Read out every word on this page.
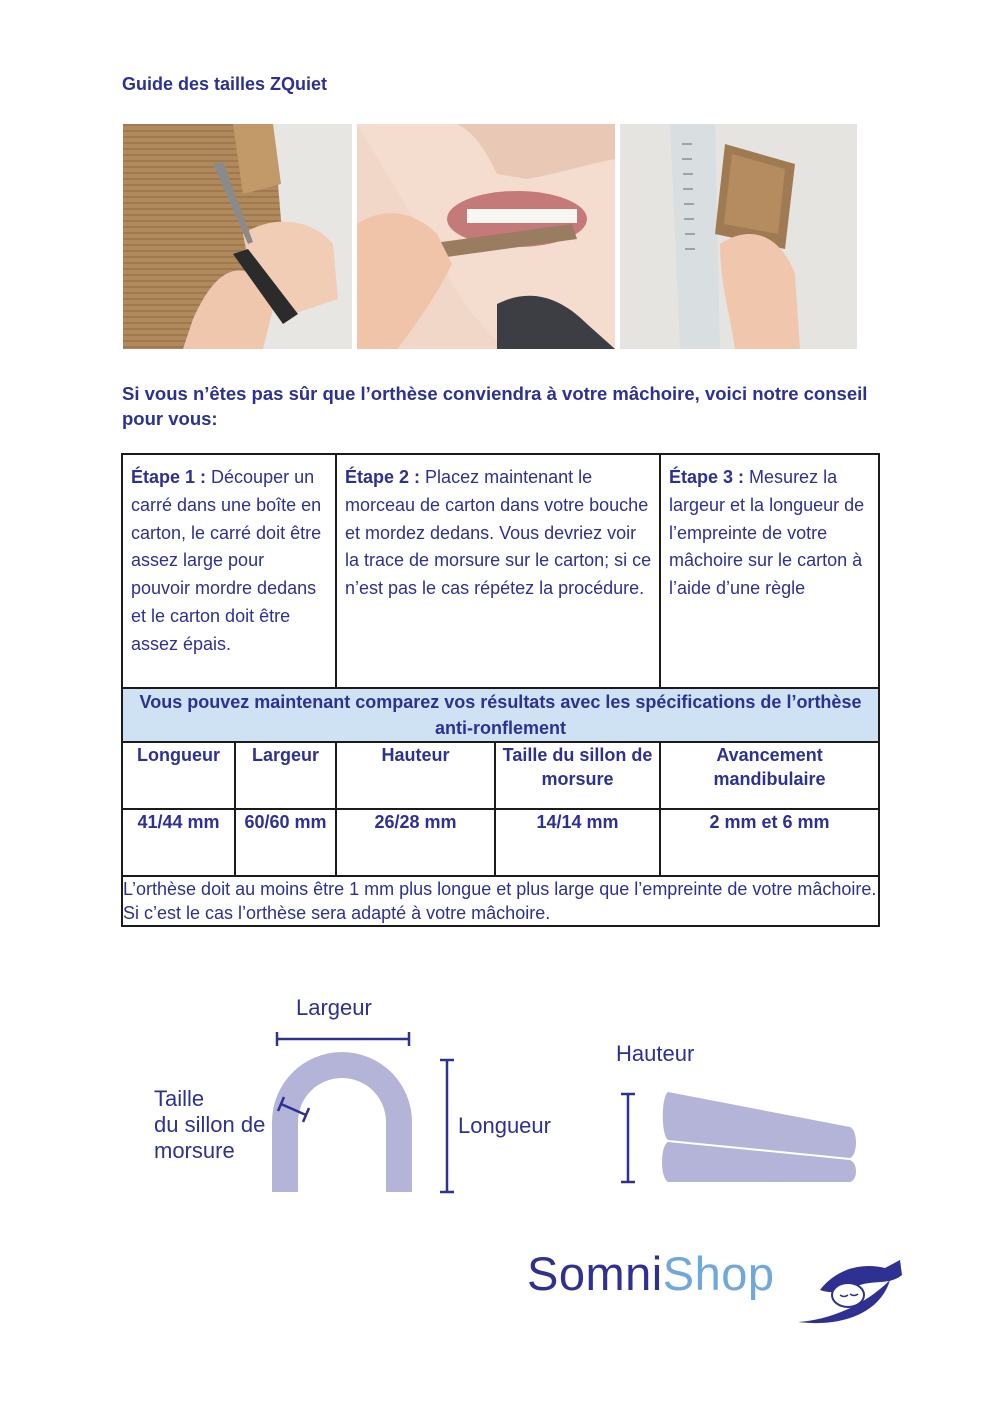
Guide des tailles ZQuiet
Si vous n’êtes pas sûr que l’orthèse conviendra à votre mâchoire, voici notre conseil pour vous:
Étape 1 : Découper un carré dans une boîte en carton, le carré doit être assez large pour pouvoir mordre dedans et le carton doit être assez épais.		Étape 2 : Placez maintenant le morceau de carton dans votre bouche et mordez dedans. Vous devriez voir la trace de morsure sur le carton; si ce n’est pas le cas répétez la procédure.		Étape 3 : Mesurez la largeur et la longueur de l’empreinte de votre mâchoire sur le carton à l’aide d’une règle

Vous pouvez maintenant comparez vos résultats avec les spécifications de l’orthèse anti-ronflement				
Longueur	Largeur	Hauteur	Taille du sillon de morsure	Avancement mandibulaire
41/44 mm	60/60 mm	26/28 mm	14/14 mm	2 mm et 6 mm
L’orthèse doit au moins être 1 mm plus longue et plus large que l’empreinte de votre mâchoire. Si c’est le cas l’orthèse sera adapté à votre mâchoire.				
Largeur
Taille
du sillon de
morsure
Longueur
Hauteur
SomniShop
